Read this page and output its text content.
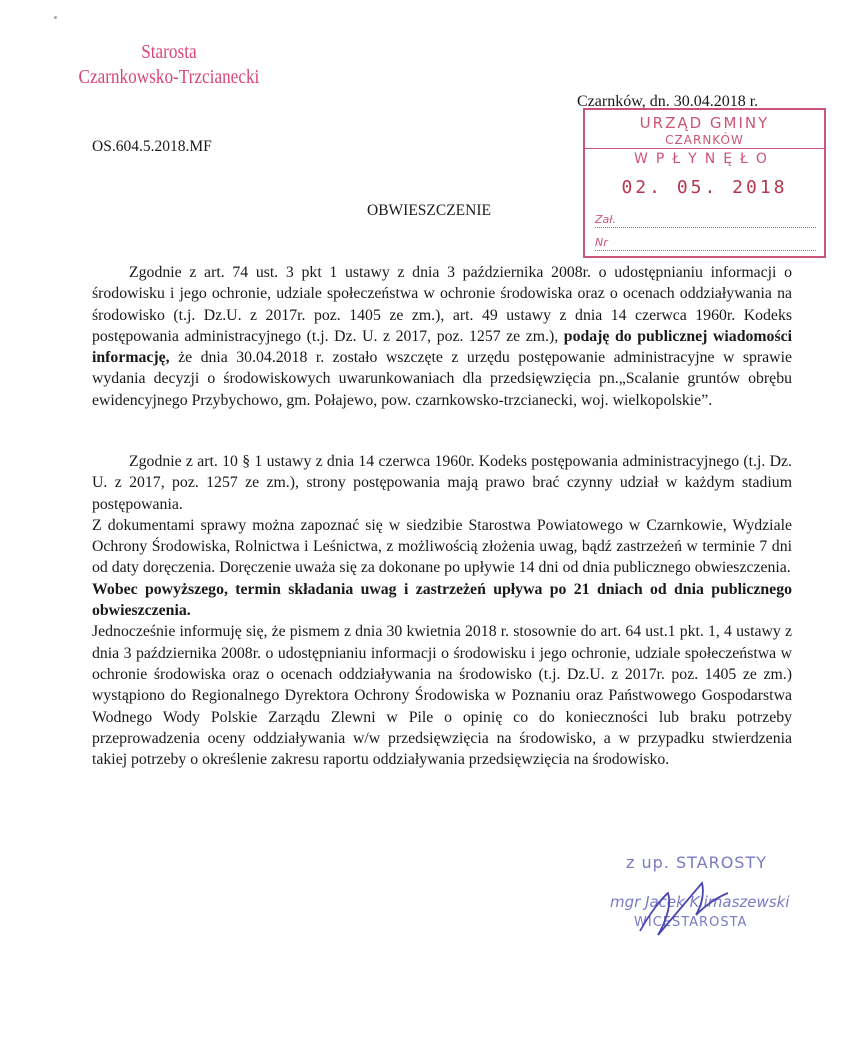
Starosta
Czarnkowsko-Trzcianecki
URZĄD GMINY
CZARNKÓW
WPŁYNĘŁO
02. 05. 2018
Zał.
Nr
Czarnków, dn. 30.04.2018 r.
OS.604.5.2018.MF
OBWIESZCZENIE

Zgodnie z art. 74 ust. 3 pkt 1 ustawy z dnia 3 października 2008r. o udostępnianiu informacji o środowisku i jego ochronie, udziale społeczeństwa w ochronie środowiska oraz o ocenach oddziaływania na środowisko (t.j. Dz.U. z 2017r. poz. 1405 ze zm.), art. 49 ustawy z dnia 14 czerwca 1960r. Kodeks postępowania administracyjnego (t.j. Dz. U. z 2017, poz. 1257 ze zm.), podaję do publicznej wiadomości informację, że dnia 30.04.2018 r. zostało wszczęte z urzędu postępowanie administracyjne w sprawie wydania decyzji o środowiskowych uwarunkowaniach dla przedsięwzięcia pn.„Scalanie gruntów obrębu ewidencyjnego Przybychowo, gm. Połajewo, pow. czarnkowsko-trzcianecki, woj. wielkopolskie”.

Zgodnie z art. 10 § 1 ustawy z dnia 14 czerwca 1960r. Kodeks postępowania administracyjnego (t.j. Dz. U. z 2017, poz. 1257 ze zm.), strony postępowania mają prawo brać czynny udział w każdym stadium postępowania.

Z dokumentami sprawy można zapoznać się w siedzibie Starostwa Powiatowego w Czarnkowie, Wydziale Ochrony Środowiska, Rolnictwa i Leśnictwa, z możliwością złożenia uwag, bądź zastrzeżeń w terminie 7 dni od daty doręczenia. Doręczenie uważa się za dokonane po upływie 14 dni od dnia publicznego obwieszczenia.

Wobec powyższego, termin składania uwag i zastrzeżeń upływa po 21 dniach od dnia publicznego obwieszczenia.

Jednocześnie informuję się, że pismem z dnia 30 kwietnia 2018 r. stosownie do art. 64 ust.1 pkt. 1, 4 ustawy z dnia 3 października 2008r. o udostępnianiu informacji o środowisku i jego ochronie, udziale społeczeństwa w ochronie środowiska oraz o ocenach oddziaływania na środowisko (t.j. Dz.U. z 2017r. poz. 1405 ze zm.) wystąpiono do Regionalnego Dyrektora Ochrony Środowiska w Poznaniu oraz Państwowego Gospodarstwa Wodnego Wody Polskie Zarządu Zlewni w Pile o opinię co do konieczności lub braku potrzeby przeprowadzenia oceny oddziaływania w/w przedsięwzięcia na środowisko, a w przypadku stwierdzenia takiej potrzeby o określenie zakresu raportu oddziaływania przedsięwzięcia na środowisko.

z up. STAROSTY
mgr Jacek Klimaszewski
WICESTAROSTA
